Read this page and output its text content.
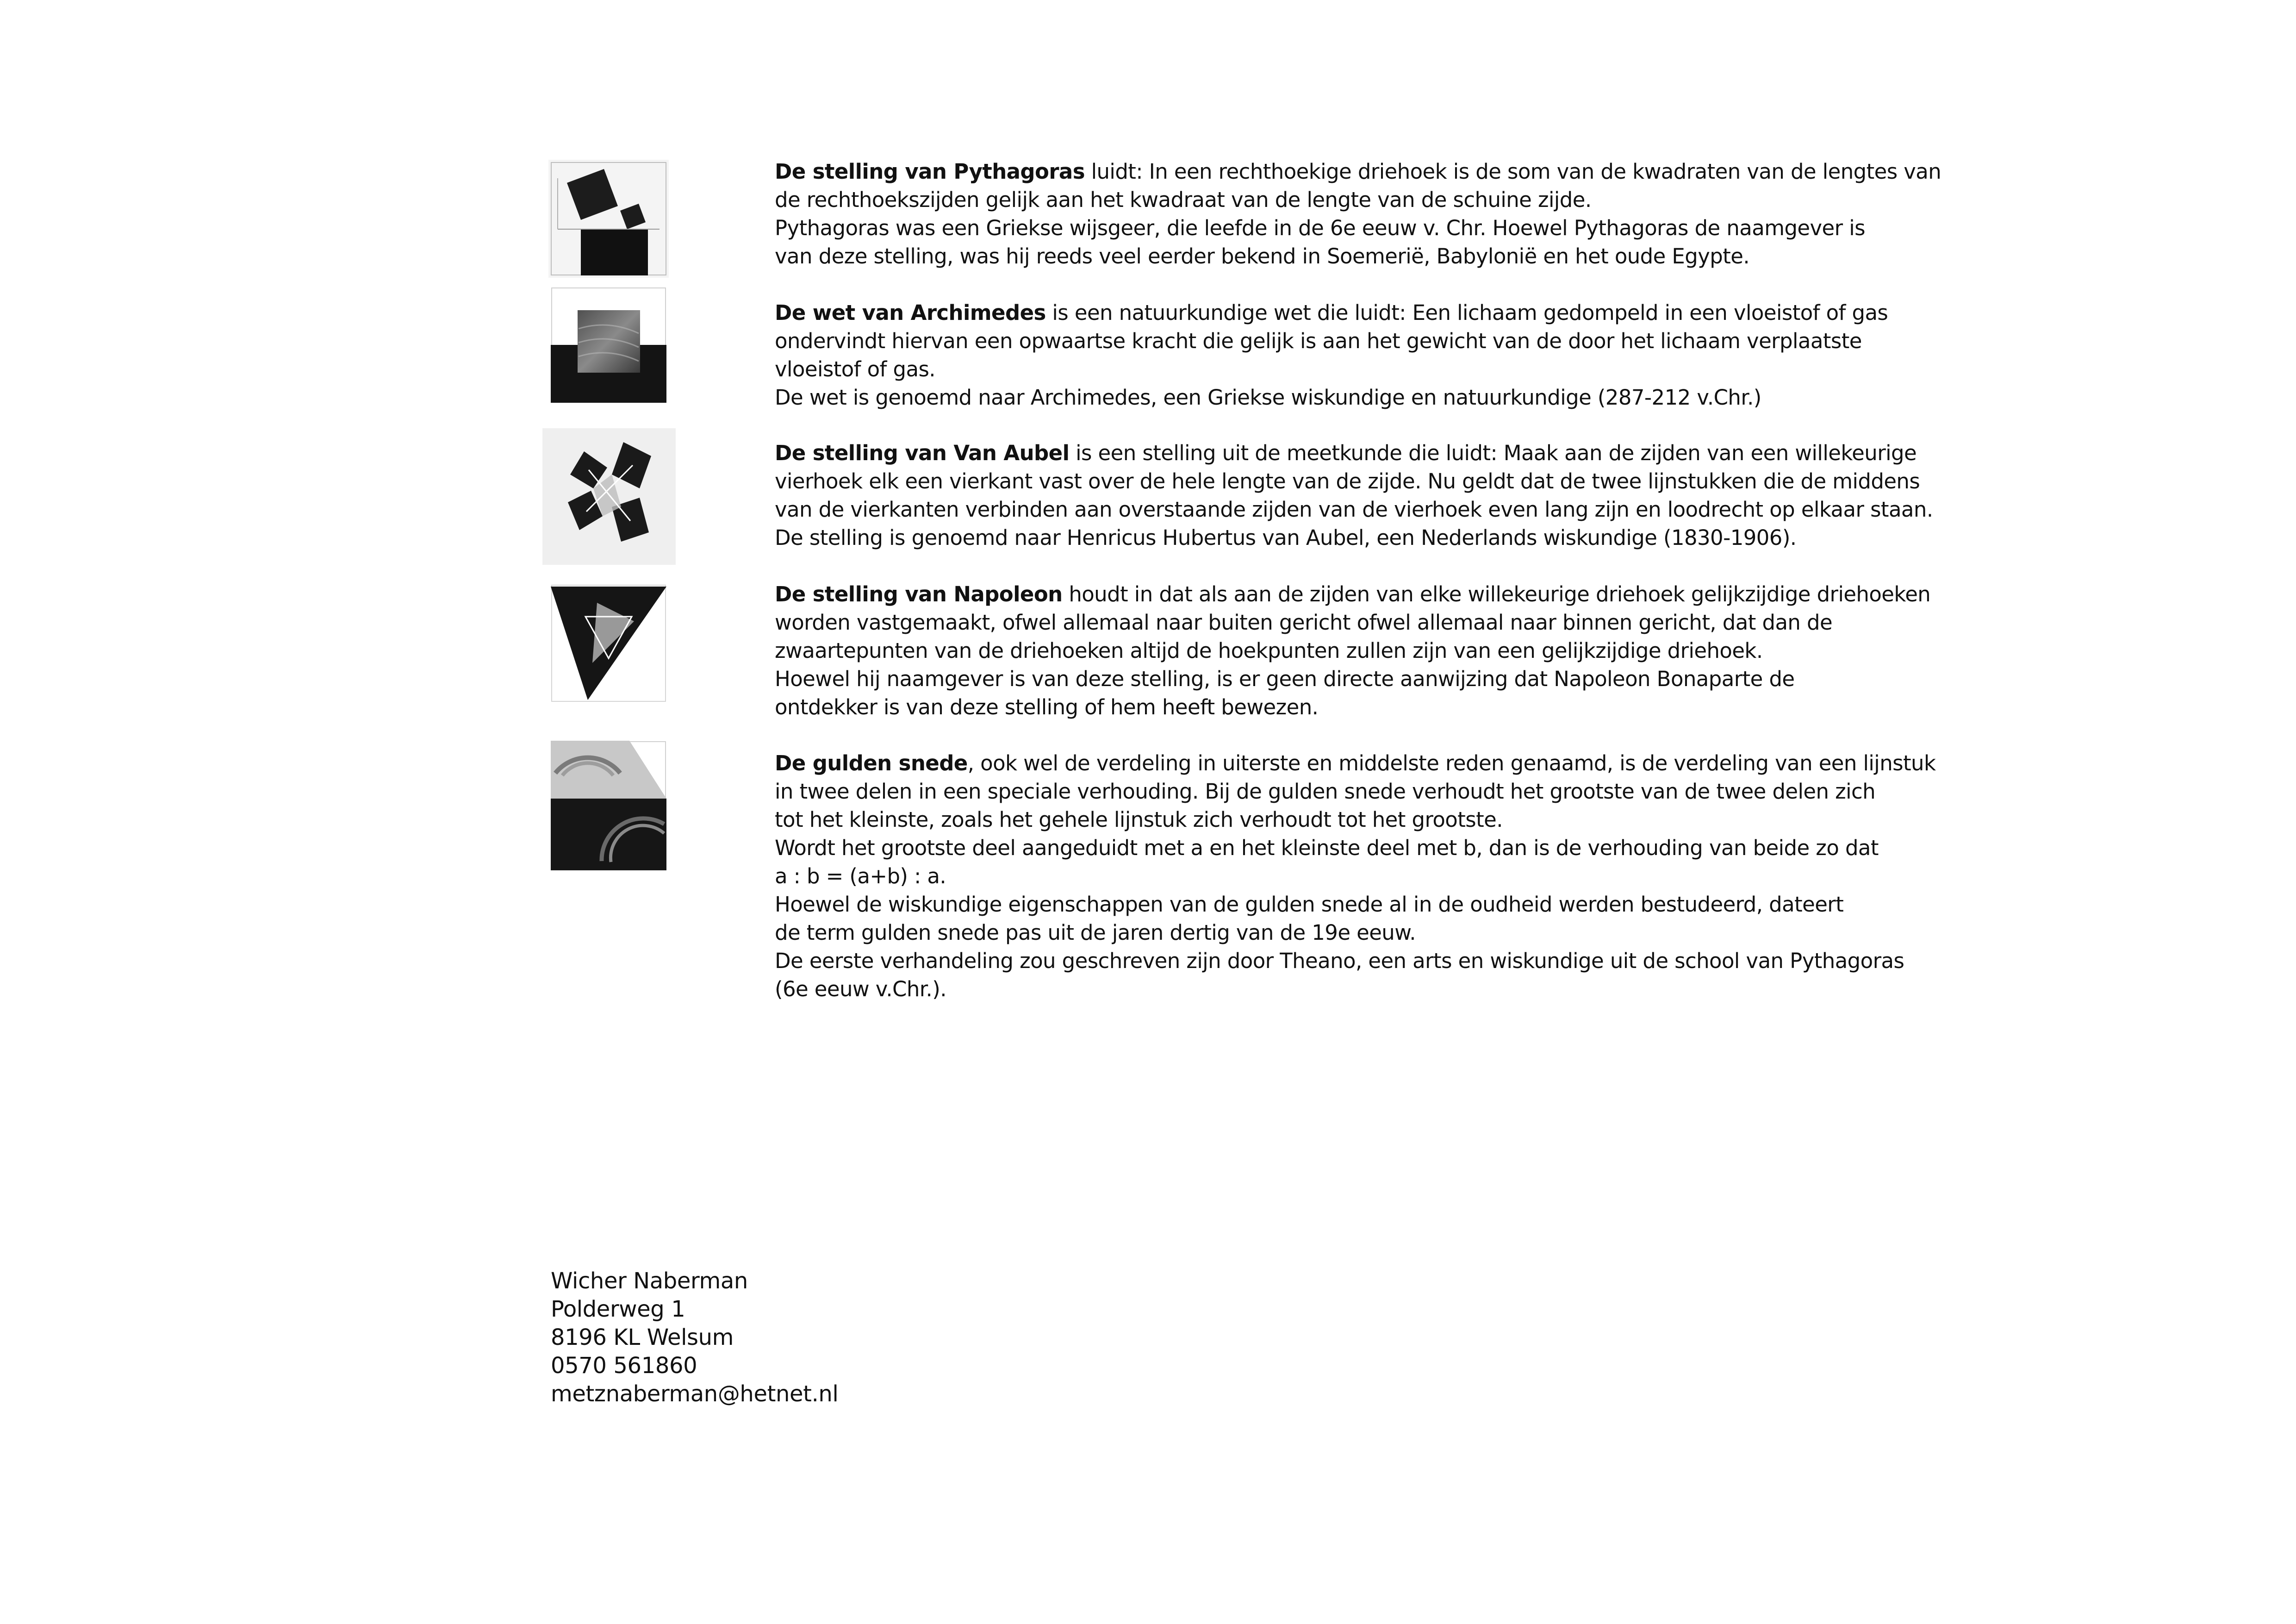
De stelling van Pythagoras luidt: In een rechthoekige driehoek is de som van de kwadraten van de lengtes van
de rechthoekszijden gelijk aan het kwadraat van de lengte van de schuine zijde.
Pythagoras was een Griekse wijsgeer, die leefde in de 6e eeuw v. Chr. Hoewel Pythagoras de naamgever is
van deze stelling, was hij reeds veel eerder bekend in Soemerië, Babylonië en het oude Egypte.
De wet van Archimedes is een natuurkundige wet die luidt: Een lichaam gedompeld in een vloeistof of gas
ondervindt hiervan een opwaartse kracht die gelijk is aan het gewicht van de door het lichaam verplaatste
vloeistof of gas.
De wet is genoemd naar Archimedes, een Griekse wiskundige en natuurkundige (287-212 v.Chr.)
De stelling van Van Aubel is een stelling uit de meetkunde die luidt: Maak aan de zijden van een willekeurige
vierhoek elk een vierkant vast over de hele lengte van de zijde. Nu geldt dat de twee lijnstukken die de middens
van de vierkanten verbinden aan overstaande zijden van de vierhoek even lang zijn en loodrecht op elkaar staan.
De stelling is genoemd naar Henricus Hubertus van Aubel, een Nederlands wiskundige (1830-1906).
De stelling van Napoleon houdt in dat als aan de zijden van elke willekeurige driehoek gelijkzijdige driehoeken
worden vastgemaakt, ofwel allemaal naar buiten gericht ofwel allemaal naar binnen gericht, dat dan de
zwaartepunten van de driehoeken altijd de hoekpunten zullen zijn van een gelijkzijdige driehoek.
Hoewel hij naamgever is van deze stelling, is er geen directe aanwijzing dat Napoleon Bonaparte de
ontdekker is van deze stelling of hem heeft bewezen.
De gulden snede, ook wel de verdeling in uiterste en middelste reden genaamd, is de verdeling van een lijnstuk
in twee delen in een speciale verhouding. Bij de gulden snede verhoudt het grootste van de twee delen zich
tot het kleinste, zoals het gehele lijnstuk zich verhoudt tot het grootste.
Wordt het grootste deel aangeduidt met a en het kleinste deel met b, dan is de verhouding van beide zo dat
a : b = (a+b) : a.
Hoewel de wiskundige eigenschappen van de gulden snede al in de oudheid werden bestudeerd, dateert
de term gulden snede pas uit de jaren dertig van de 19e eeuw.
De eerste verhandeling zou geschreven zijn door Theano, een arts en wiskundige uit de school van Pythagoras
(6e eeuw v.Chr.).
Wicher Naberman
Polderweg 1
8196 KL Welsum
0570 561860
metznaberman@hetnet.nl
